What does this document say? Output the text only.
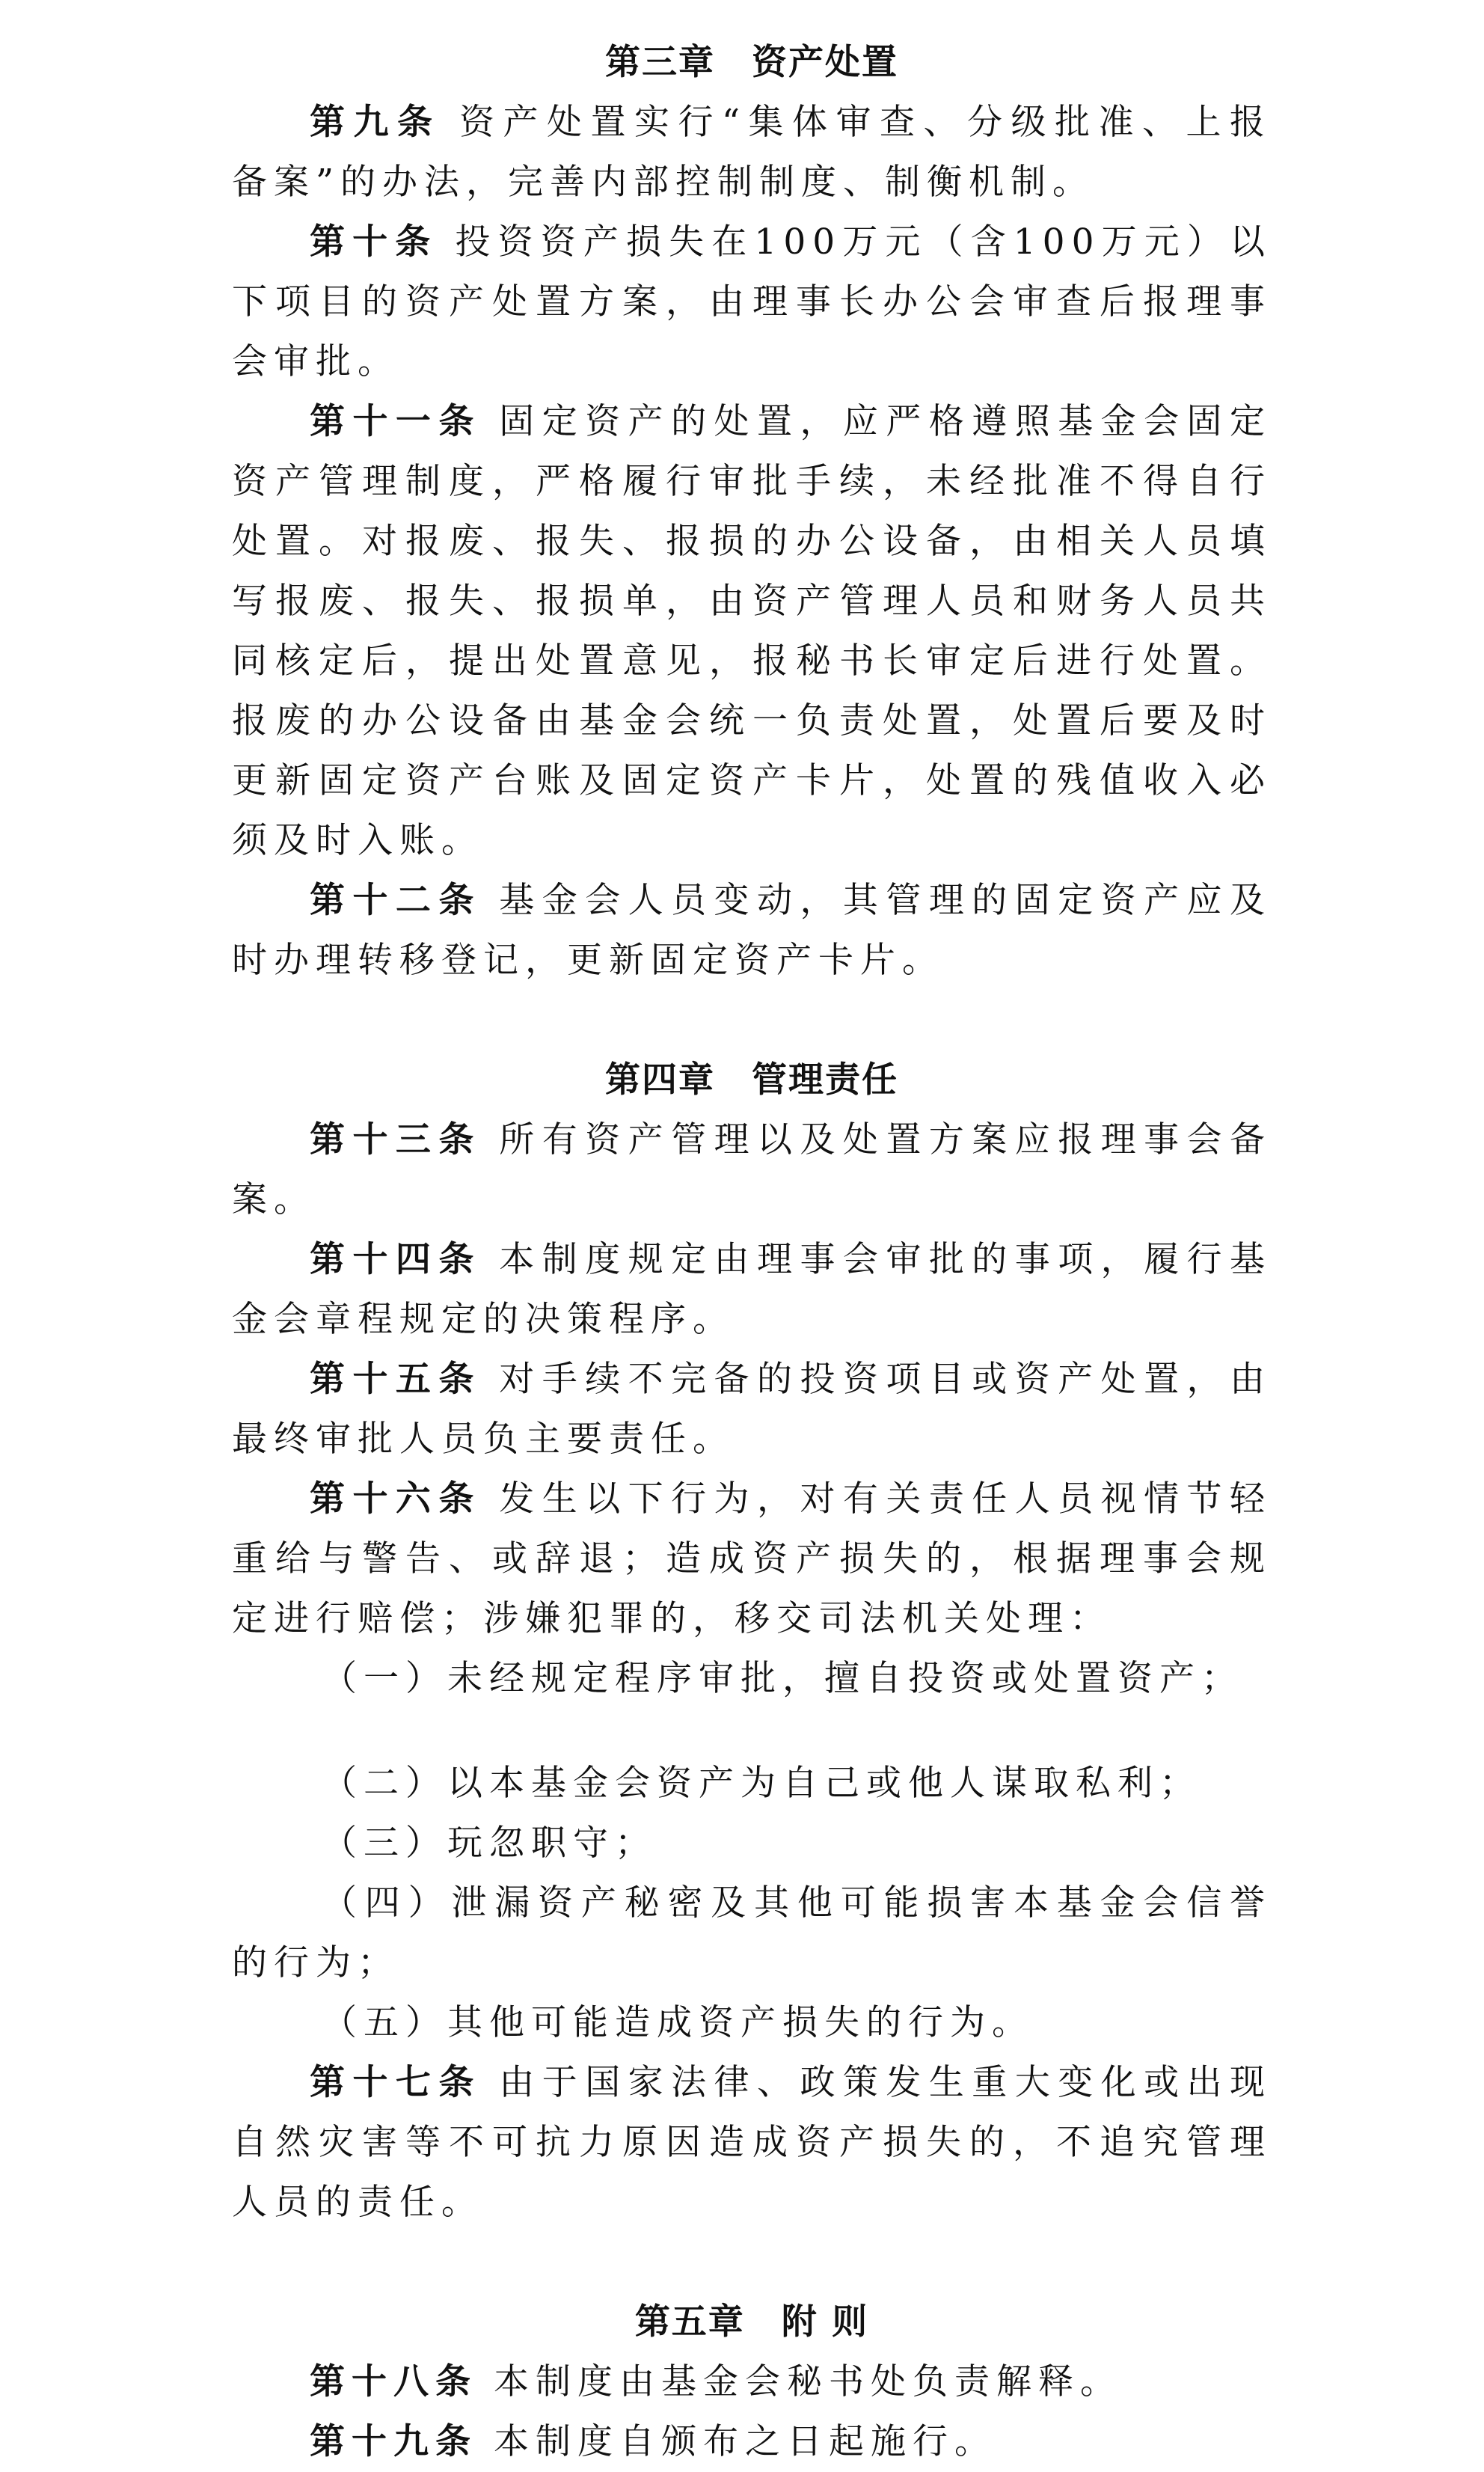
第三章　资产处置

第九条 资产处置实行“集体审查、分级批准、上报备案”的办法，完善内部控制制度、制衡机制。

第十条 投资资产损失在100万元（含100万元）以下项目的资产处置方案，由理事长办公会审查后报理事会审批。

第十一条 固定资产的处置，应严格遵照基金会固定资产管理制度，严格履行审批手续，未经批准不得自行处置。对报废、报失、报损的办公设备，由相关人员填写报废、报失、报损单，由资产管理人员和财务人员共同核定后，提出处置意见，报秘书长审定后进行处置。报废的办公设备由基金会统一负责处置，处置后要及时更新固定资产台账及固定资产卡片，处置的残值收入必须及时入账。

第十二条 基金会人员变动，其管理的固定资产应及时办理转移登记，更新固定资产卡片。

第四章　管理责任

第十三条 所有资产管理以及处置方案应报理事会备案。

第十四条 本制度规定由理事会审批的事项，履行基金会章程规定的决策程序。

第十五条 对手续不完备的投资项目或资产处置，由最终审批人员负主要责任。

第十六条 发生以下行为，对有关责任人员视情节轻重给与警告、或辞退；造成资产损失的，根据理事会规定进行赔偿；涉嫌犯罪的，移交司法机关处理：

（一）未经规定程序审批，擅自投资或处置资产；

（二）以本基金会资产为自己或他人谋取私利；

（三）玩忽职守；

（四）泄漏资产秘密及其他可能损害本基金会信誉的行为；

（五）其他可能造成资产损失的行为。

第十七条 由于国家法律、政策发生重大变化或出现自然灾害等不可抗力原因造成资产损失的，不追究管理人员的责任。

第五章　附 则

第十八条 本制度由基金会秘书处负责解释。

第十九条 本制度自颁布之日起施行。
